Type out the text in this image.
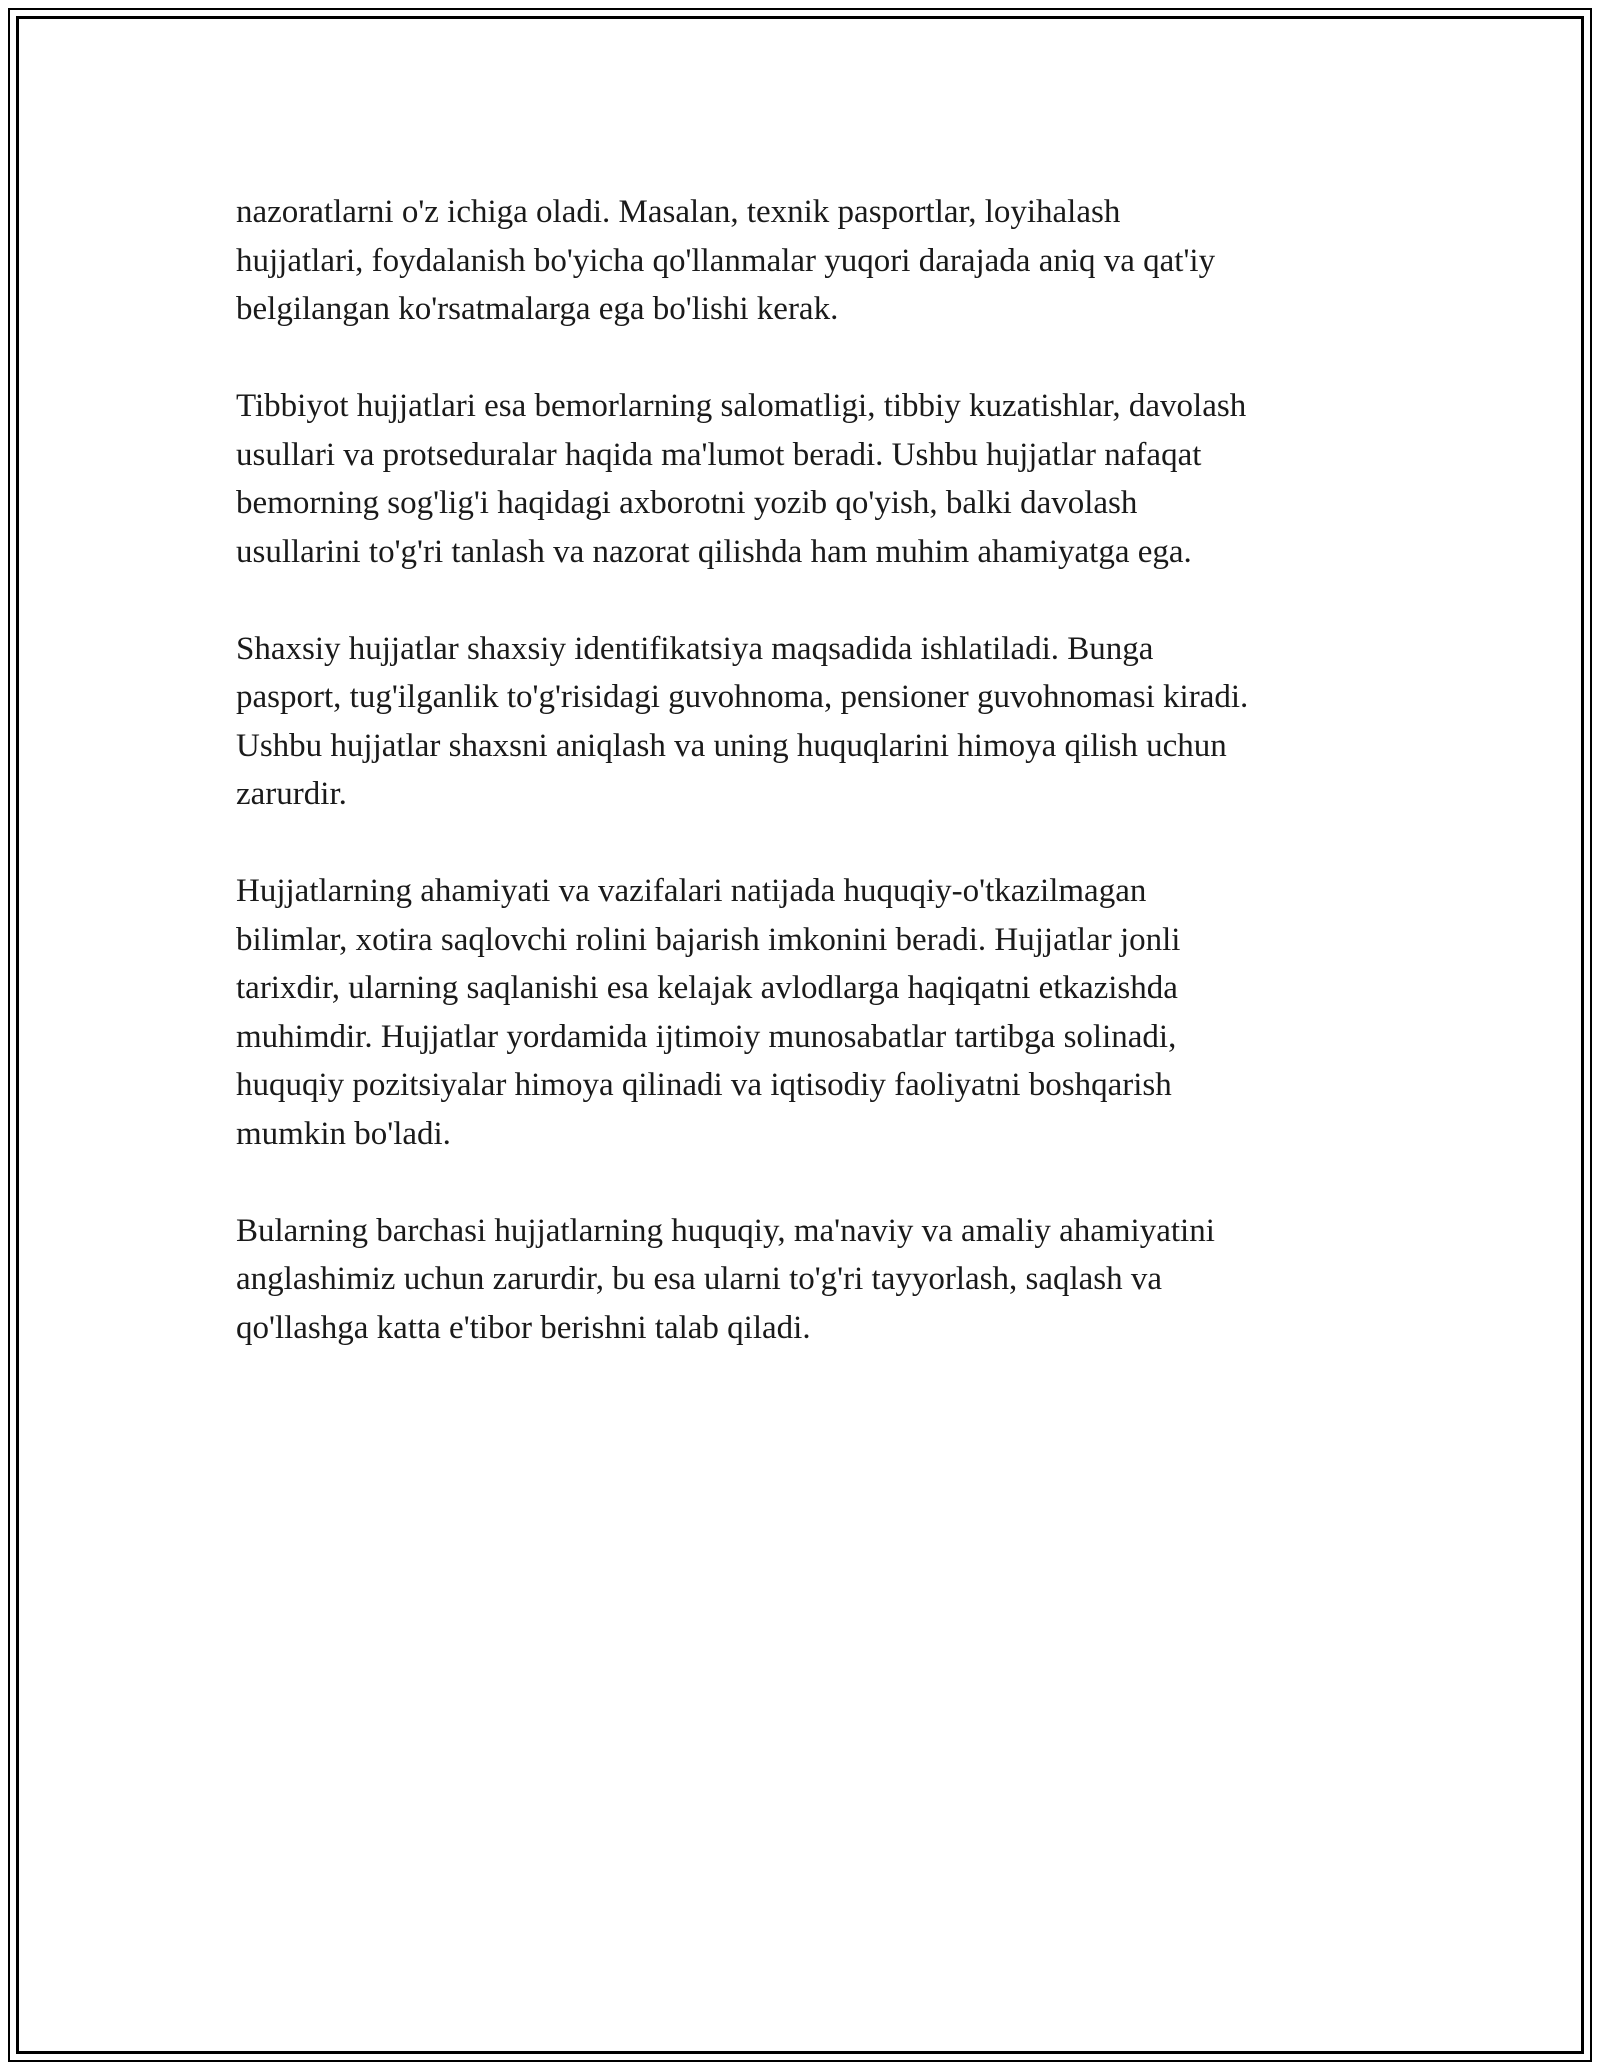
nazoratlarni o'z ichiga oladi. Masalan, texnik pasportlar, loyihalash
hujjatlari, foydalanish bo'yicha qo'llanmalar yuqori darajada aniq va qat'iy
belgilangan ko'rsatmalarga ega bo'lishi kerak.

Tibbiyot hujjatlari esa bemorlarning salomatligi, tibbiy kuzatishlar, davolash
usullari va protseduralar haqida ma'lumot beradi. Ushbu hujjatlar nafaqat
bemorning sog'lig'i haqidagi axborotni yozib qo'yish, balki davolash
usullarini to'g'ri tanlash va nazorat qilishda ham muhim ahamiyatga ega.

Shaxsiy hujjatlar shaxsiy identifikatsiya maqsadida ishlatiladi. Bunga
pasport, tug'ilganlik to'g'risidagi guvohnoma, pensioner guvohnomasi kiradi.
Ushbu hujjatlar shaxsni aniqlash va uning huquqlarini himoya qilish uchun
zarurdir.

Hujjatlarning ahamiyati va vazifalari natijada huquqiy-o'tkazilmagan
bilimlar, xotira saqlovchi rolini bajarish imkonini beradi. Hujjatlar jonli
tarixdir, ularning saqlanishi esa kelajak avlodlarga haqiqatni etkazishda
muhimdir. Hujjatlar yordamida ijtimoiy munosabatlar tartibga solinadi,
huquqiy pozitsiyalar himoya qilinadi va iqtisodiy faoliyatni boshqarish
mumkin bo'ladi.

Bularning barchasi hujjatlarning huquqiy, ma'naviy va amaliy ahamiyatini
anglashimiz uchun zarurdir, bu esa ularni to'g'ri tayyorlash, saqlash va
qo'llashga katta e'tibor berishni talab qiladi.
